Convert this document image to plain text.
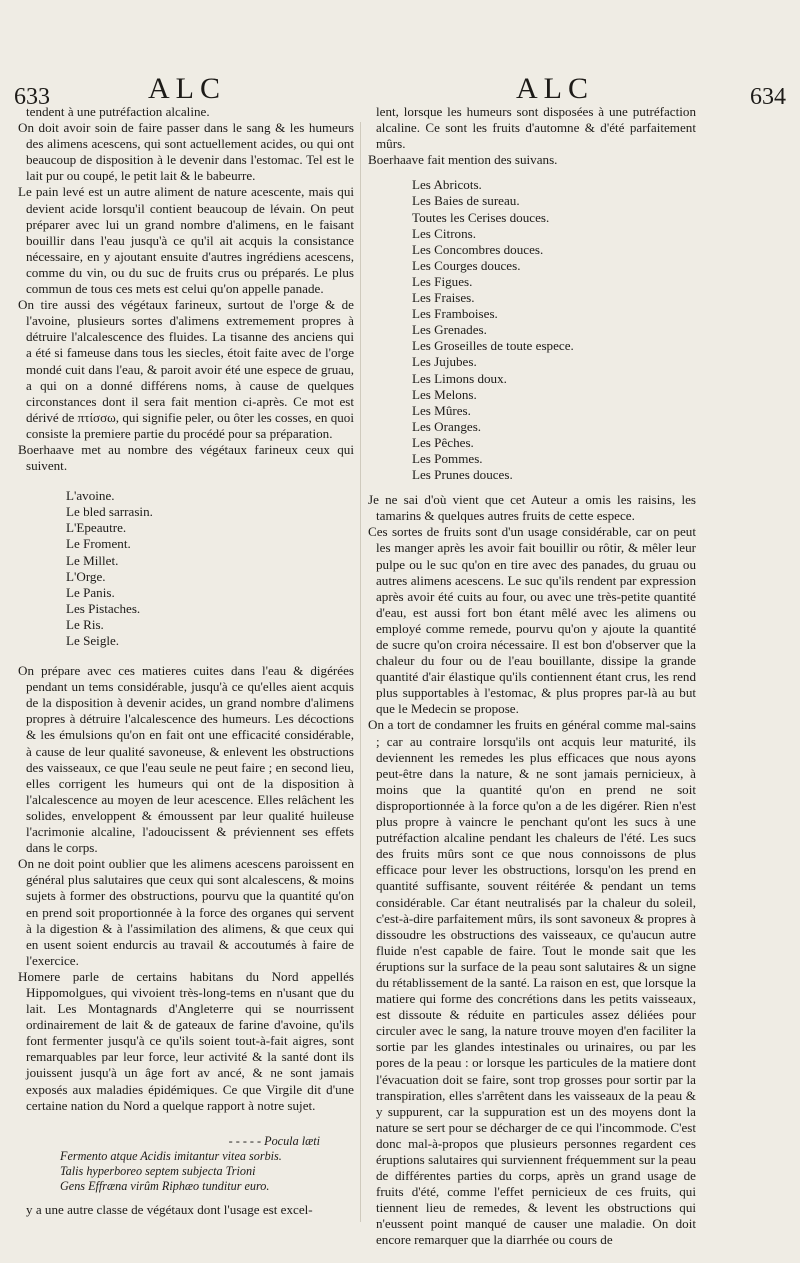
633	ALC	ALC	634

tendent à une putréfaction alcaline.

On doit avoir soin de faire passer dans le sang & les humeurs des alimens acescens, qui sont actuellement acides, ou qui ont beaucoup de disposition à le devenir dans l'estomac. Tel est le lait pur ou coupé, le petit lait & le babeurre.

Le pain levé est un autre aliment de nature acescente, mais qui devient acide lorsqu'il contient beaucoup de lévain. On peut préparer avec lui un grand nombre d'alimens, en le faisant bouillir dans l'eau jusqu'à ce qu'il ait acquis la consistance nécessaire, en y ajoutant ensuite d'autres ingrédiens acescens, comme du vin, ou du suc de fruits crus ou préparés. Le plus commun de tous ces mets est celui qu'on appelle panade.

On tire aussi des végétaux farineux, surtout de l'orge & de l'avoine, plusieurs sortes d'alimens extremement propres à détruire l'alcalescence des fluides. La tisanne des anciens qui a été si fameuse dans tous les siecles, étoit faite avec de l'orge mondé cuit dans l'eau, & paroit avoir été une espece de gruau, a qui on a donné différens noms, à cause de quelques circonstances dont il sera fait mention ci-après. Ce mot est dérivé de πτίσσω, qui signifie peler, ou ôter les cosses, en quoi consiste la premiere partie du procédé pour sa préparation.

Boerhaave met au nombre des végétaux farineux ceux qui suivent.

L'avoine.
Le bled sarrasin.
L'Epeautre.
Le Froment.
Le Millet.
L'Orge.
Le Panis.
Les Pistaches.
Le Ris.
Le Seigle.

On prépare avec ces matieres cuites dans l'eau & digérées pendant un tems considérable, jusqu'à ce qu'elles aient acquis de la disposition à devenir acides, un grand nombre d'alimens propres à détruire l'alcalescence des humeurs. Les décoctions & les émulsions qu'on en fait ont une efficacité considérable, à cause de leur qualité savoneuse, & enlevent les obstructions des vaisseaux, ce que l'eau seule ne peut faire ; en second lieu, elles corrigent les humeurs qui ont de la disposition à l'alcalescence au moyen de leur acescence. Elles relâchent les solides, enveloppent & émoussent par leur qualité huileuse l'acrimonie alcaline, l'adoucissent & préviennent ses effets dans le corps.

On ne doit point oublier que les alimens acescens paroissent en général plus salutaires que ceux qui sont alcalescens, & moins sujets à former des obstructions, pourvu que la quantité qu'on en prend soit proportionnée à la force des organes qui servent à la digestion & à l'assimilation des alimens, & que ceux qui en usent soient endurcis au travail & accoutumés à faire de l'exercice.

Homere parle de certains habitans du Nord appellés Hippomolgues, qui vivoient très-long-tems en n'usant que du lait. Les Montagnards d'Angleterre qui se nourrissent ordinairement de lait & de gateaux de farine d'avoine, qu'ils font fermenter jusqu'à ce qu'ils soient tout-à-fait aigres, sont remarquables par leur force, leur activité & la santé dont ils jouissent jusqu'à un âge fort av ancé, & ne sont jamais exposés aux maladies épidémiques. Ce que Virgile dit d'une certaine nation du Nord a quelque rapport à notre sujet.

- - - - - Pocula læti
Fermento atque Acidis imitantur vitea sorbis.
Talis hyperboreo septem subjecta Trioni
Gens Effræna virûm Riphæo tunditur euro.

y a une autre classe de végétaux dont l'usage est excel-

lent, lorsque les humeurs sont disposées à une putréfaction alcaline. Ce sont les fruits d'automne & d'été parfaitement mûrs.

Boerhaave fait mention des suivans.

Les Abricots.
Les Baies de sureau.
Toutes les Cerises douces.
Les Citrons.
Les Concombres douces.
Les Courges douces.
Les Figues.
Les Fraises.
Les Framboises.
Les Grenades.
Les Groseilles de toute espece.
Les Jujubes.
Les Limons doux.
Les Melons.
Les Mûres.
Les Oranges.
Les Pêches.
Les Pommes.
Les Prunes douces.

Je ne sai d'où vient que cet Auteur a omis les raisins, les tamarins & quelques autres fruits de cette espece.

Ces sortes de fruits sont d'un usage considérable, car on peut les manger après les avoir fait bouillir ou rôtir, & mêler leur pulpe ou le suc qu'on en tire avec des panades, du gruau ou autres alimens acescens. Le suc qu'ils rendent par expression après avoir été cuits au four, ou avec une très-petite quantité d'eau, est aussi fort bon étant mêlé avec les alimens ou employé comme remede, pourvu qu'on y ajoute la quantité de sucre qu'on croira nécessaire. Il est bon d'observer que la chaleur du four ou de l'eau bouillante, dissipe la grande quantité d'air élastique qu'ils contiennent étant crus, les rend plus supportables à l'estomac, & plus propres par-là au but que le Medecin se propose.

On a tort de condamner les fruits en général comme mal-sains ; car au contraire lorsqu'ils ont acquis leur maturité, ils deviennent les remedes les plus efficaces que nous ayons peut-être dans la nature, & ne sont jamais pernicieux, à moins que la quantité qu'on en prend ne soit disproportionnée à la force qu'on a de les digérer. Rien n'est plus propre à vaincre le penchant qu'ont les sucs à une putréfaction alcaline pendant les chaleurs de l'été. Les sucs des fruits mûrs sont ce que nous connoissons de plus efficace pour lever les obstructions, lorsqu'on les prend en quantité suffisante, souvent réitérée & pendant un tems considérable. Car étant neutralisés par la chaleur du soleil, c'est-à-dire parfaitement mûrs, ils sont savoneux & propres à dissoudre les obstructions des vaisseaux, ce qu'aucun autre fluide n'est capable de faire. Tout le monde sait que les éruptions sur la surface de la peau sont salutaires & un signe du rétablissement de la santé. La raison en est, que lorsque la matiere qui forme des concrétions dans les petits vaisseaux, est dissoute & réduite en particules assez déliées pour circuler avec le sang, la nature trouve moyen d'en faciliter la sortie par les glandes intestinales ou urinaires, ou par les pores de la peau : or lorsque les particules de la matiere dont l'évacuation doit se faire, sont trop grosses pour sortir par la transpiration, elles s'arrêtent dans les vaisseaux de la peau & y suppurent, car la suppuration est un des moyens dont la nature se sert pour se décharger de ce qui l'incommode. C'est donc mal-à-propos que plusieurs personnes regardent ces éruptions salutaires qui surviennent fréquemment sur la peau de différentes parties du corps, après un grand usage de fruits d'été, comme l'effet pernicieux de ces fruits, qui tiennent lieu de remedes, & levent les obstructions qui n'eussent point manqué de causer une maladie. On doit encore remarquer que la diarrhée ou cours de
